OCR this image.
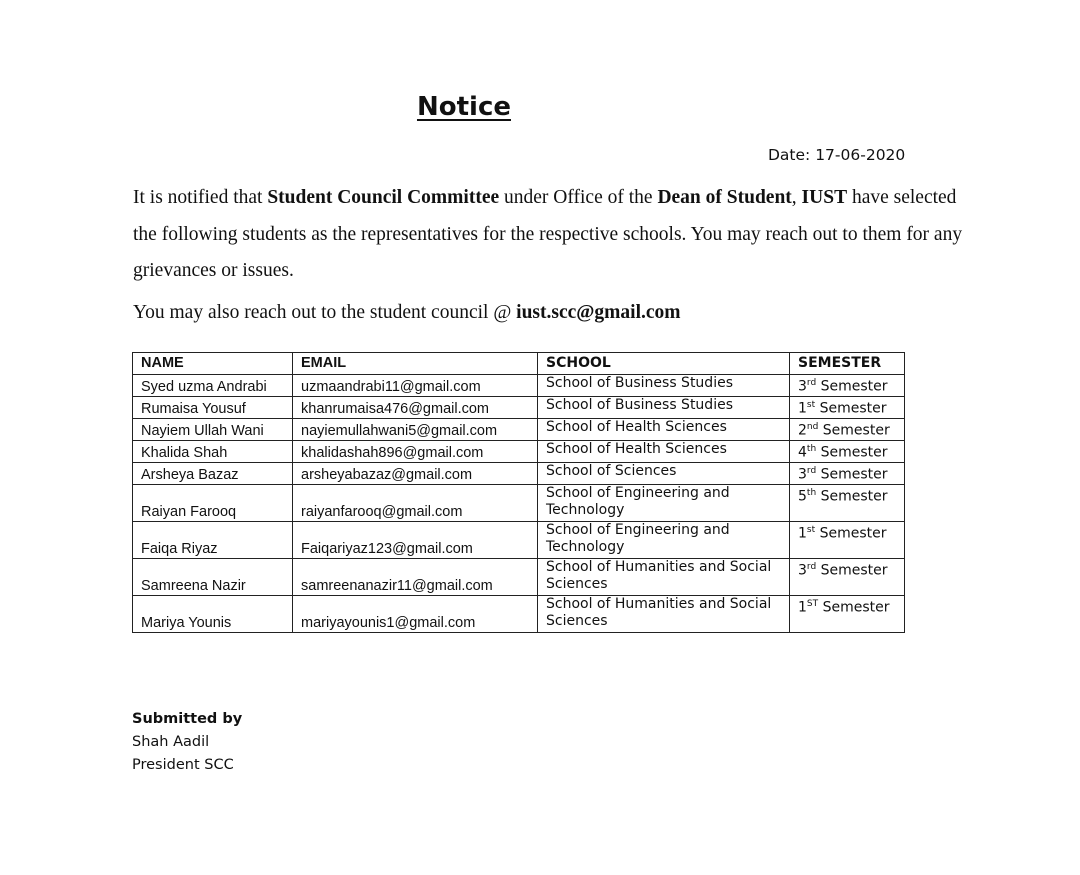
Notice
Date: 17-06-2020
It is notified that Student Council Committee under Office of the Dean of Student, IUST have selected the following students as the representatives for the respective schools. You may reach out to them for any grievances or issues.
You may also reach out to the student council @ iust.scc@gmail.com
NAME	EMAIL	SCHOOL	SEMESTER
Syed uzma Andrabi	uzmaandrabi11@gmail.com	School of Business Studies	3rd Semester
Rumaisa Yousuf	khanrumaisa476@gmail.com	School of Business Studies	1st Semester
Nayiem Ullah Wani	nayiemullahwani5@gmail.com	School of Health Sciences	2nd Semester
Khalida Shah	khalidashah896@gmail.com	School of Health Sciences	4th Semester
Arsheya Bazaz	arsheyabazaz@gmail.com	School of Sciences	3rd Semester
Raiyan Farooq	raiyanfarooq@gmail.com	School of Engineering and Technology	5th Semester
Faiqa Riyaz	Faiqariyaz123@gmail.com	School of Engineering and Technology	1st Semester
Samreena Nazir	samreenanazir11@gmail.com	School of Humanities and Social Sciences	3rd Semester
Mariya Younis	mariyayounis1@gmail.com	School of Humanities and Social Sciences	1ST Semester
Submitted by
Shah Aadil
President SCC
